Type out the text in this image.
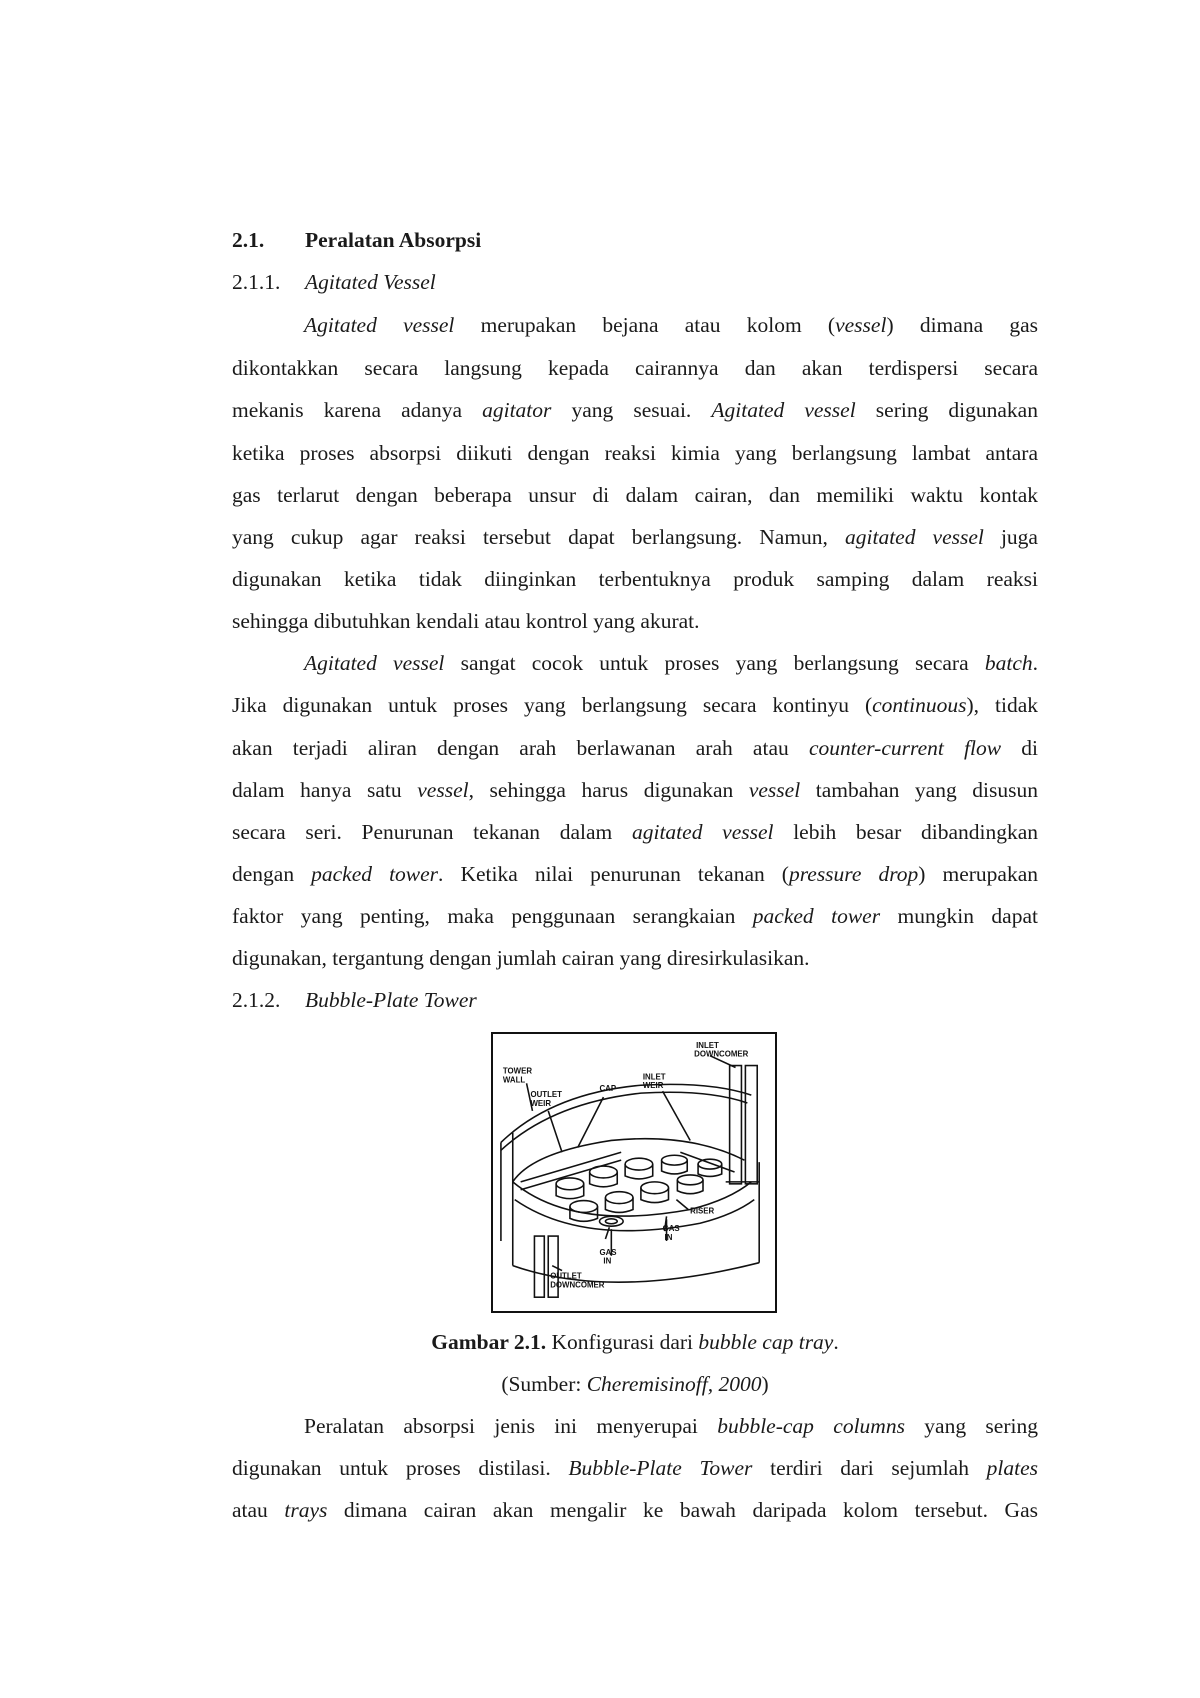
2.1. Peralatan Absorpsi
2.1.1. Agitated Vessel
Agitated vessel merupakan bejana atau kolom (vessel) dimana gas
dikontakkan secara langsung kepada cairannya dan akan terdispersi secara
mekanis karena adanya agitator yang sesuai. Agitated vessel sering digunakan
ketika proses absorpsi diikuti dengan reaksi kimia yang berlangsung lambat antara
gas terlarut dengan beberapa unsur di dalam cairan, dan memiliki waktu kontak
yang cukup agar reaksi tersebut dapat berlangsung. Namun, agitated vessel juga
digunakan ketika tidak diinginkan terbentuknya produk samping dalam reaksi
sehingga dibutuhkan kendali atau kontrol yang akurat.
Agitated vessel sangat cocok untuk proses yang berlangsung secara batch.
Jika digunakan untuk proses yang berlangsung secara kontinyu (continuous), tidak
akan terjadi aliran dengan arah berlawanan arah atau counter-current flow di
dalam hanya satu vessel, sehingga harus digunakan vessel tambahan yang disusun
secara seri. Penurunan tekanan dalam agitated vessel lebih besar dibandingkan
dengan packed tower. Ketika nilai penurunan tekanan (pressure drop) merupakan
faktor yang penting, maka penggunaan serangkaian packed tower mungkin dapat
digunakan, tergantung dengan jumlah cairan yang diresirkulasikan.
2.1.2. Bubble-Plate Tower
INLET
DOWNCOMER
TOWER
WALL
OUTLET
WEIR
CAP
INLET
WEIR
RISER
GAS
IN
GAS
IN
OUTLET
DOWNCOMER
Gambar 2.1. Konfigurasi dari bubble cap tray.
(Sumber: Cheremisinoff, 2000)
Peralatan absorpsi jenis ini menyerupai bubble-cap columns yang sering
digunakan untuk proses distilasi. Bubble-Plate Tower terdiri dari sejumlah plates
atau trays dimana cairan akan mengalir ke bawah daripada kolom tersebut. Gas
